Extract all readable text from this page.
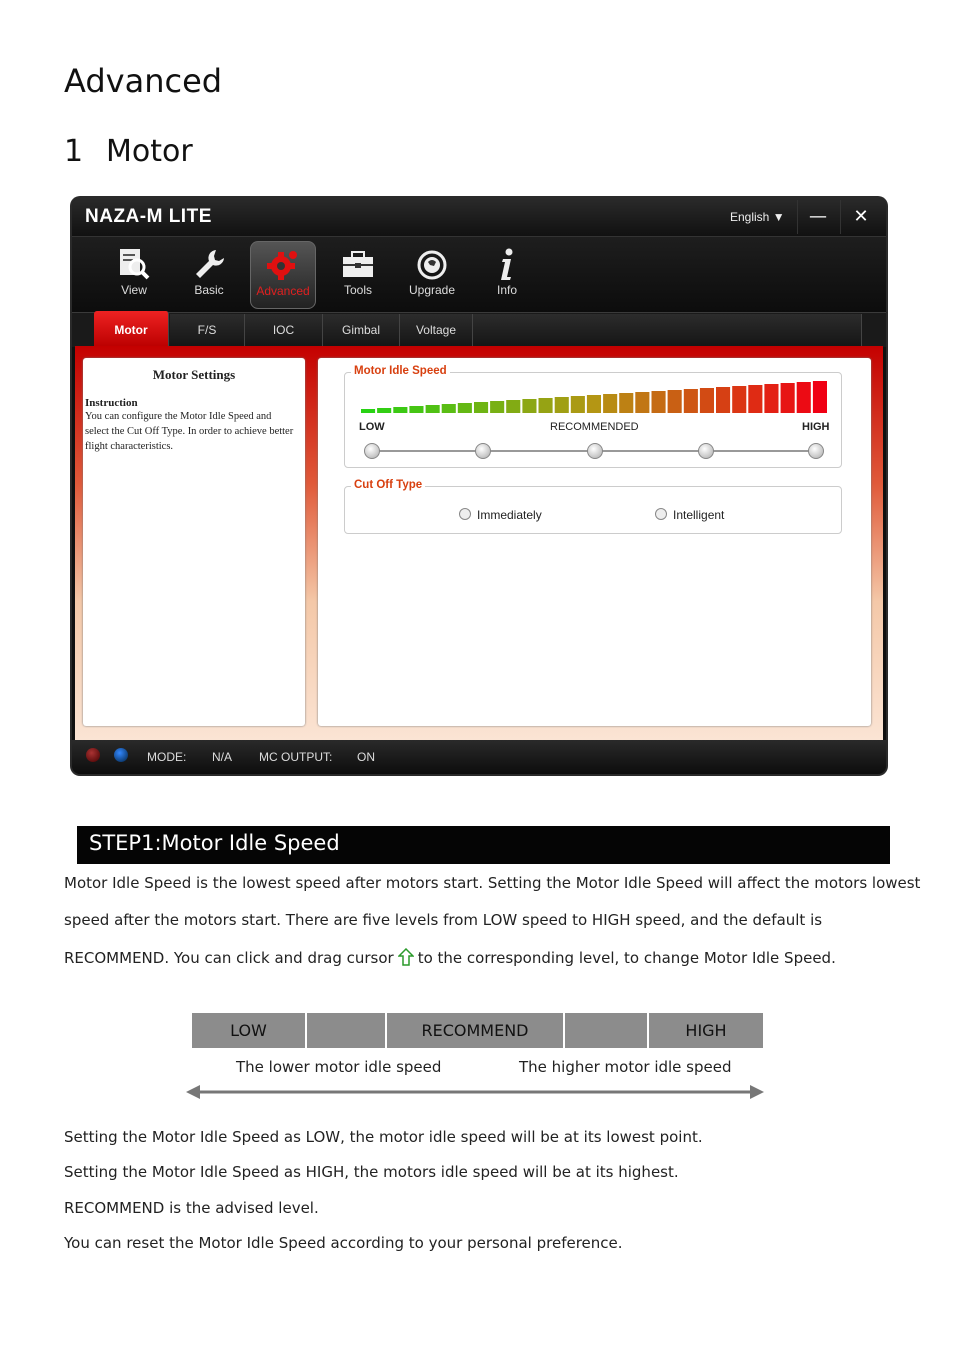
Advanced
1 Motor
NAZA-M LITE	English ▼	—	✕
View	Basic	Advanced	Tools	Upgrade	Info
Motor	F/S	IOC	Gimbal	Voltage
Motor Settings
Instruction
You can configure the Motor Idle Speed and select the Cut Off Type. In order to achieve better flight characteristics.
Motor Idle Speed
LOW	RECOMMENDED	HIGH
Cut Off Type
Immediately	Intelligent
MODE: N/A MC OUTPUT: ON
STEP1:Motor Idle Speed
Motor Idle Speed is the lowest speed after motors start. Setting the Motor Idle Speed will affect the motors lowest
speed after the motors start. There are five levels from LOW speed to HIGH speed, and the default is
RECOMMEND. You can click and drag cursor to the corresponding level, to change Motor Idle Speed.
LOW	RECOMMEND	HIGH
The lower motor idle speed	The higher motor idle speed
Setting the Motor Idle Speed as LOW, the motor idle speed will be at its lowest point.
Setting the Motor Idle Speed as HIGH, the motors idle speed will be at its highest.
RECOMMEND is the advised level.
You can reset the Motor Idle Speed according to your personal preference.
